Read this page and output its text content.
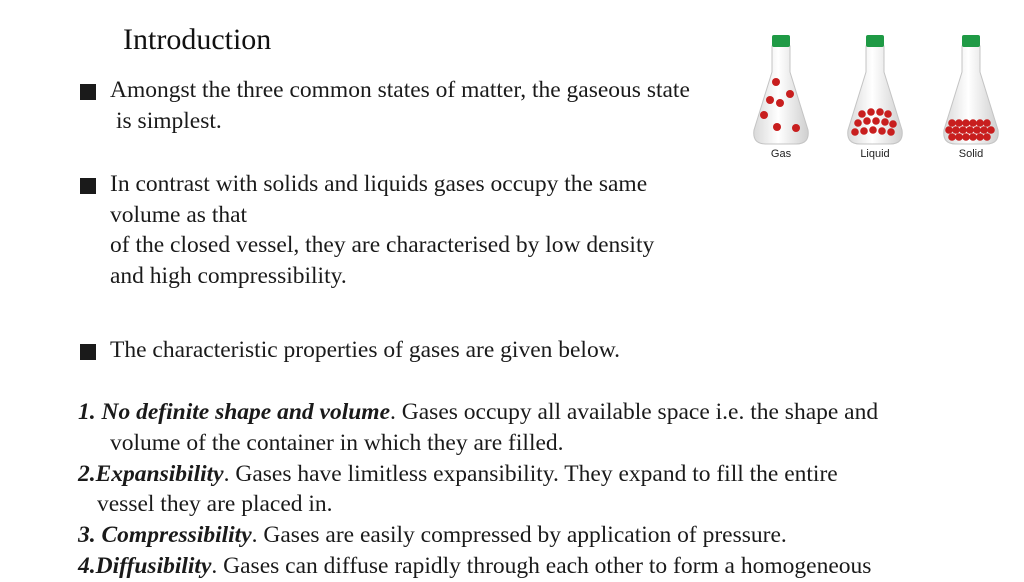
Introduction
Amongst the three common states of matter, the gaseous state
is simplest.
In contrast with solids and liquids gases occupy the same
volume as that
of the closed vessel, they are characterised by low density
and high compressibility.
The characteristic properties of gases are given below.
1. No definite shape and volume. Gases occupy all available space i.e. the shape and
volume of the container in which they are filled.
2.Expansibility. Gases have limitless expansibility. They expand to fill the entire
vessel they are placed in.
3. Compressibility. Gases are easily compressed by application of pressure.
4.Diffusibility. Gases can diffuse rapidly through each other to form a homogeneous
Gas	Liquid	Solid
